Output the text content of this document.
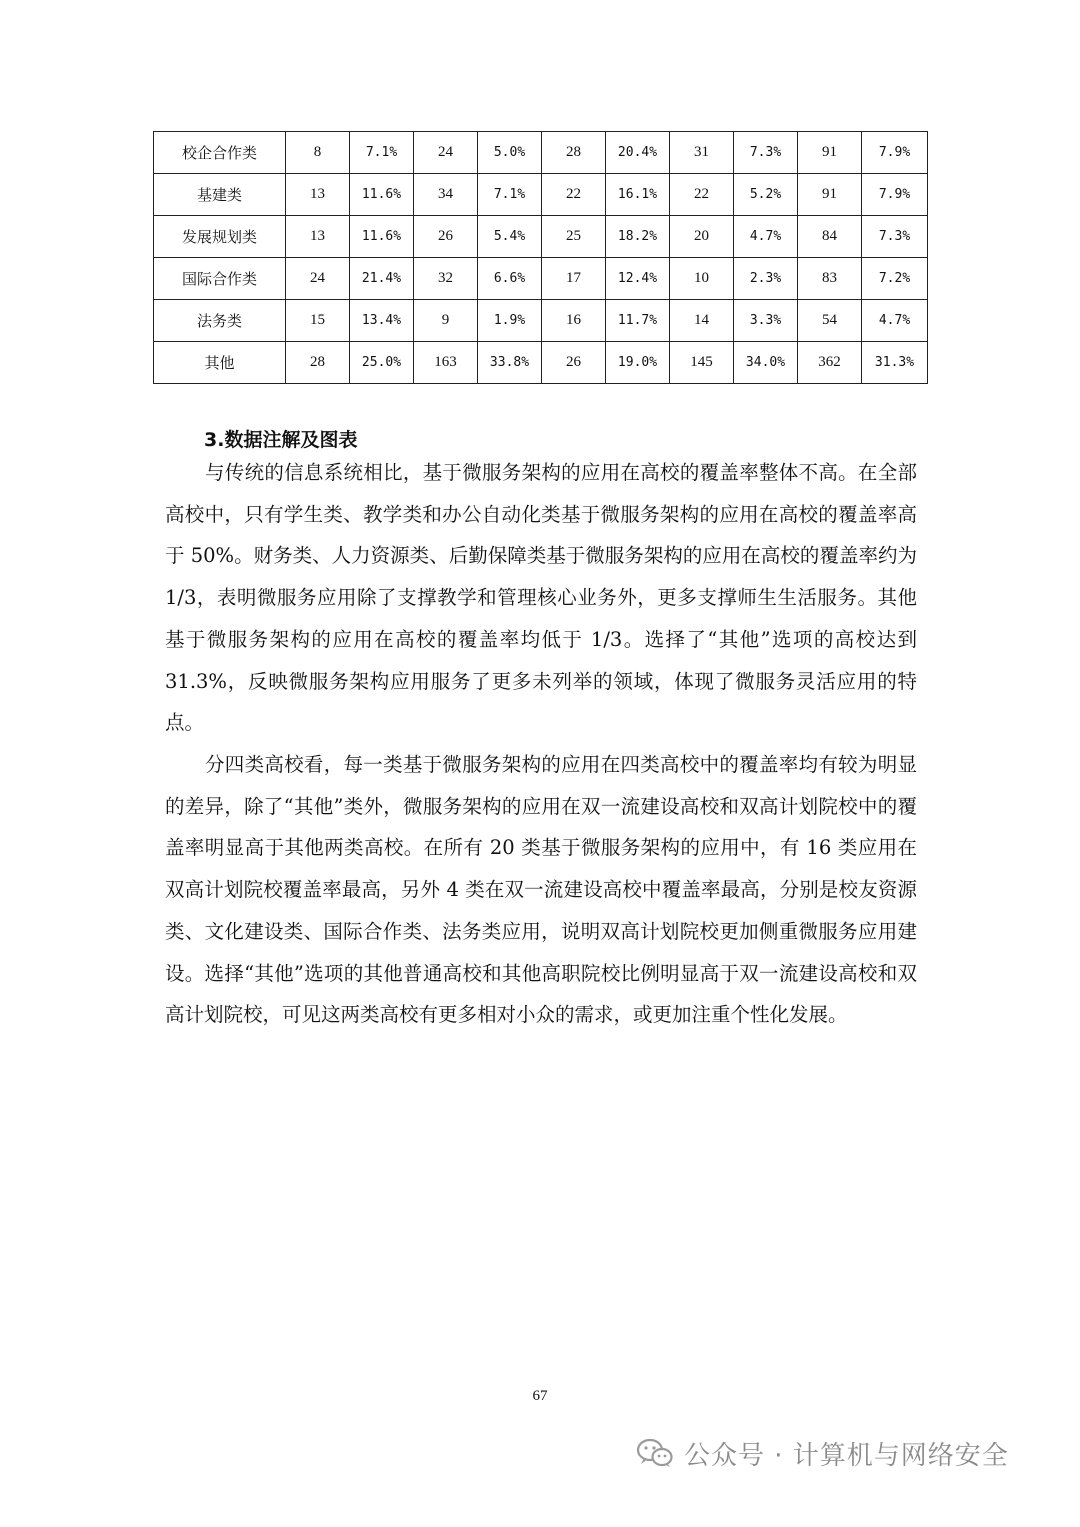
校企合作类	8	7.1%	24	5.0%	28	20.4%	31	7.3%	91	7.9%
基建类	13	11.6%	34	7.1%	22	16.1%	22	5.2%	91	7.9%
发展规划类	13	11.6%	26	5.4%	25	18.2%	20	4.7%	84	7.3%
国际合作类	24	21.4%	32	6.6%	17	12.4%	10	2.3%	83	7.2%
法务类	15	13.4%	9	1.9%	16	11.7%	14	3.3%	54	4.7%
其他	28	25.0%	163	33.8%	26	19.0%	145	34.0%	362	31.3%
3.数据注解及图表

与传统的信息系统相比，基于微服务架构的应用在高校的覆盖率整体不高。在全部高校中，只有学生类、教学类和办公自动化类基于微服务架构的应用在高校的覆盖率高于 50%。财务类、人力资源类、后勤保障类基于微服务架构的应用在高校的覆盖率约为 1/3，表明微服务应用除了支撑教学和管理核心业务外，更多支撑师生生活服务。其他基于微服务架构的应用在高校的覆盖率均低于 1/3。选择了“其他”选项的高校达到 31.3%，反映微服务架构应用服务了更多未列举的领域，体现了微服务灵活应用的特点。

分四类高校看，每一类基于微服务架构的应用在四类高校中的覆盖率均有较为明显的差异，除了“其他”类外，微服务架构的应用在双一流建设高校和双高计划院校中的覆盖率明显高于其他两类高校。在所有 20 类基于微服务架构的应用中，有 16 类应用在双高计划院校覆盖率最高，另外 4 类在双一流建设高校中覆盖率最高，分别是校友资源类、文化建设类、国际合作类、法务类应用，说明双高计划院校更加侧重微服务应用建设。选择“其他”选项的其他普通高校和其他高职院校比例明显高于双一流建设高校和双高计划院校，可见这两类高校有更多相对小众的需求，或更加注重个性化发展。

67
公众号 · 计算机与网络安全
